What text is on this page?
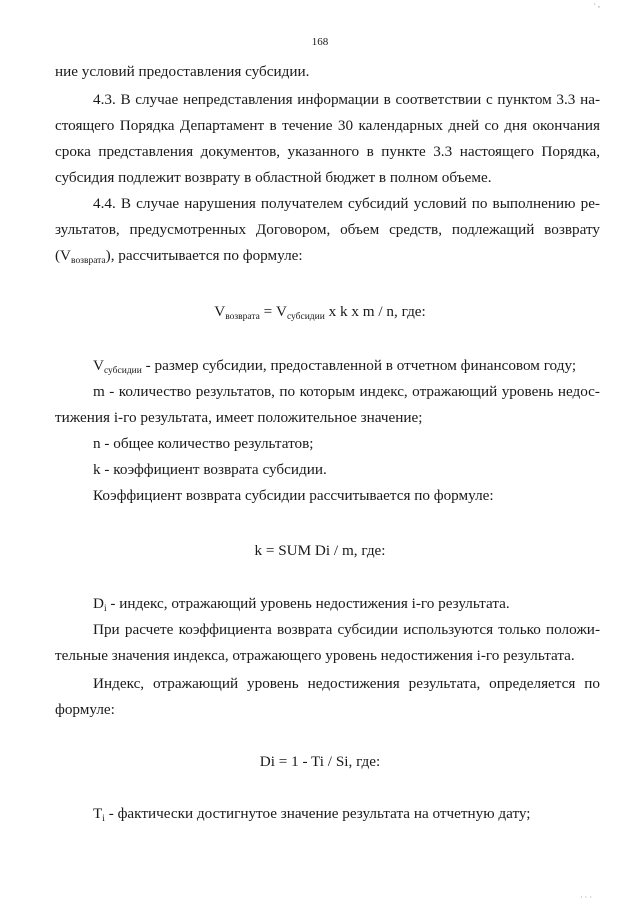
· ,
168
ние условий предоставления субсидии.
4.3. В случае непредставления информации в соответствии с пунктом 3.3 на-
стоящего Порядка Департамент в течение 30 календарных дней со дня окончания
срока представления документов, указанного в пункте 3.3 настоящего Порядка,
субсидия подлежит возврату в областной бюджет в полном объеме.
4.4. В случае нарушения получателем субсидий условий по выполнению ре-
зультатов, предусмотренных Договором, объем средств, подлежащий возврату
$(V_{возврата})$, рассчитывается по формуле:
$V_{возврата} = V_{субсидии}$ x k x m / n, где:
$V_{субсидии}$ - размер субсидии, предоставленной в отчетном финансовом году;
m - количество результатов, по которым индекс, отражающий уровень недос-
тижения i-го результата, имеет положительное значение;
n - общее количество результатов;
k - коэффициент возврата субсидии.
Коэффициент возврата субсидии рассчитывается по формуле:
k = SUM Di / m, где:
$D_i$ - индекс, отражающий уровень недостижения i-го результата.
При расчете коэффициента возврата субсидии используются только положи-
тельные значения индекса, отражающего уровень недостижения i-го результата.
Индекс, отражающий уровень недостижения результата, определяется по
формуле:
Di = 1 - Ti / Si, где:
$T_i$ - фактически достигнутое значение результата на отчетную дату;
· · ·
